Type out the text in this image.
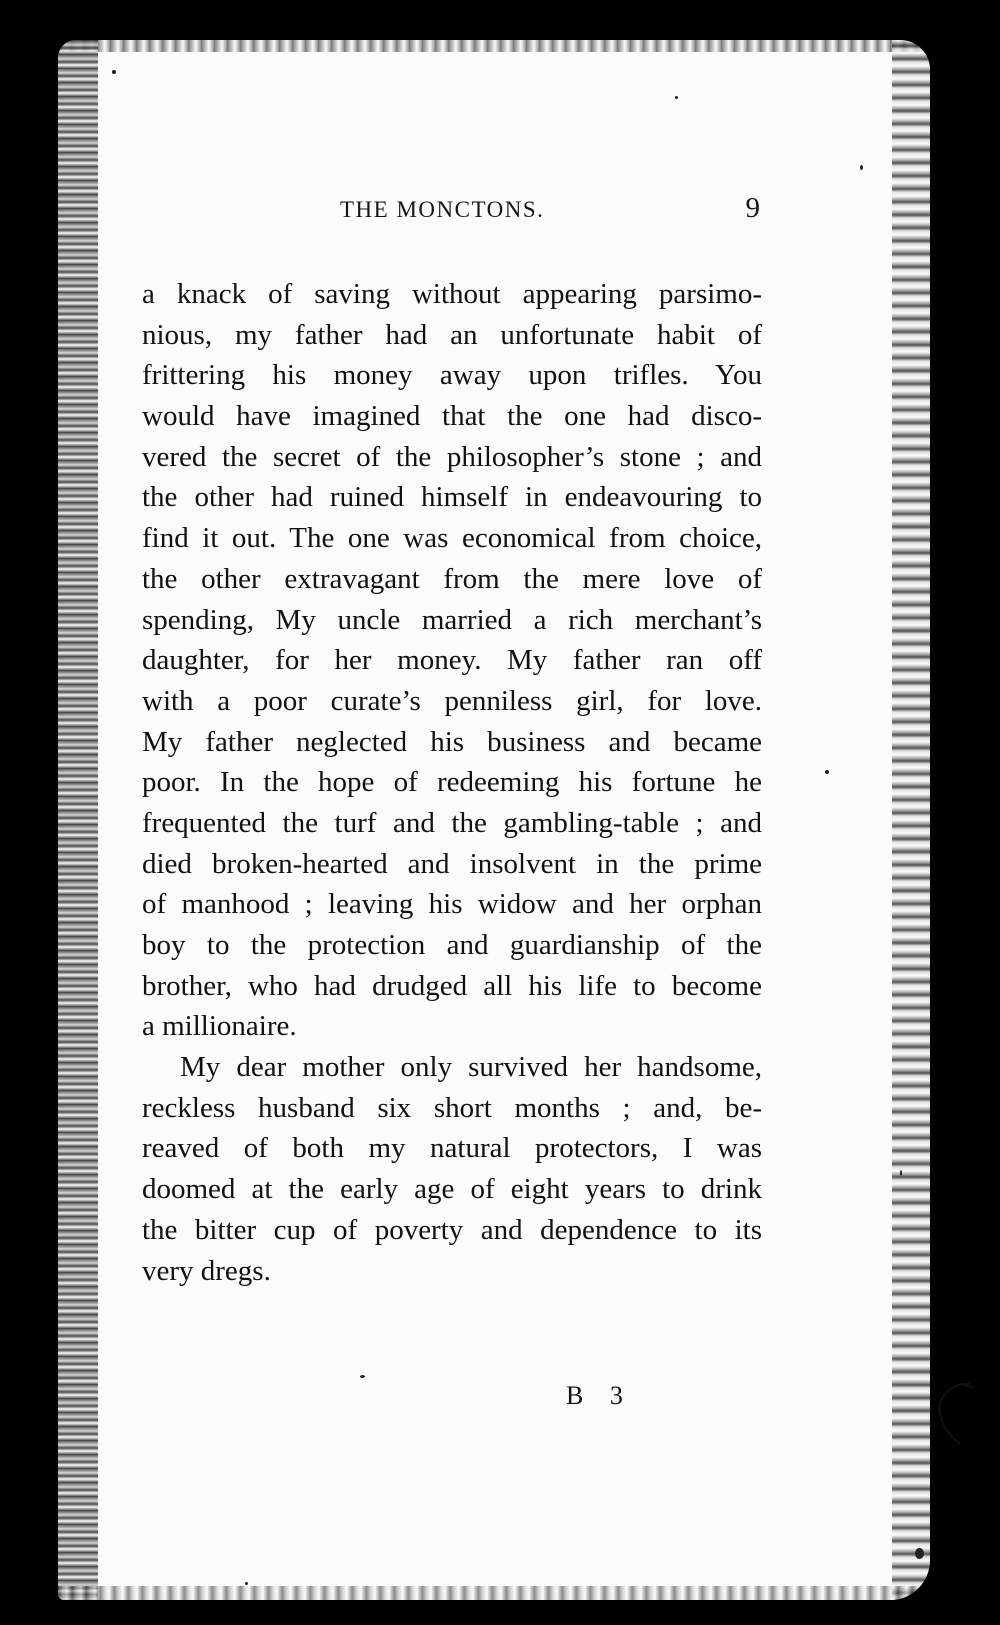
THE MONCTONS.	9
a knack of saving without appearing parsimo-
nious, my father had an unfortunate habit of
frittering his money away upon trifles. You
would have imagined that the one had disco-
vered the secret of the philosopher’s stone ; and
the other had ruined himself in endeavouring to
find it out. The one was economical from choice,
the other extravagant from the mere love of
spending, My uncle married a rich merchant’s
daughter, for her money. My father ran off
with a poor curate’s penniless girl, for love.
My father neglected his business and became
poor. In the hope of redeeming his fortune he
frequented the turf and the gambling-table ; and
died broken-hearted and insolvent in the prime
of manhood ; leaving his widow and her orphan
boy to the protection and guardianship of the
brother, who had drudged all his life to become
a millionaire.
My dear mother only survived her handsome,
reckless husband six short months ; and, be-
reaved of both my natural protectors, I was
doomed at the early age of eight years to drink
the bitter cup of poverty and dependence to its
very dregs.
B 3
